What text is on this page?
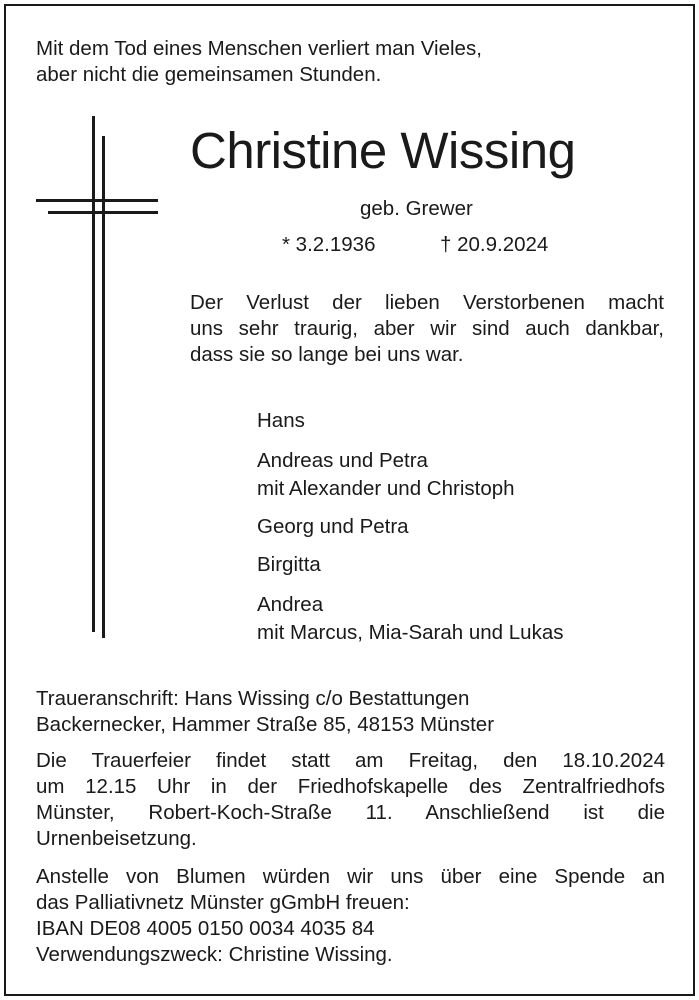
Mit dem Tod eines Menschen verliert man Vieles,
aber nicht die gemeinsamen Stunden.
Christine Wissing
geb. Grewer
* 3.2.1936	† 20.9.2024
Der Verlust der lieben Verstorbenen macht
uns sehr traurig, aber wir sind auch dankbar,
dass sie so lange bei uns war.
Hans
Andreas und Petra
mit Alexander und Christoph
Georg und Petra
Birgitta
Andrea
mit Marcus, Mia-Sarah und Lukas
Traueranschrift: Hans Wissing c/o Bestattungen
Backernecker, Hammer Straße 85, 48153 Münster
Die Trauerfeier findet statt am Freitag, den 18.10.2024
um 12.15 Uhr in der Friedhofskapelle des Zentralfriedhofs
Münster, Robert-Koch-Straße 11. Anschließend ist die
Urnenbeisetzung.
Anstelle von Blumen würden wir uns über eine Spende an
das Palliativnetz Münster gGmbH freuen:
IBAN DE08 4005 0150 0034 4035 84
Verwendungszweck: Christine Wissing.
